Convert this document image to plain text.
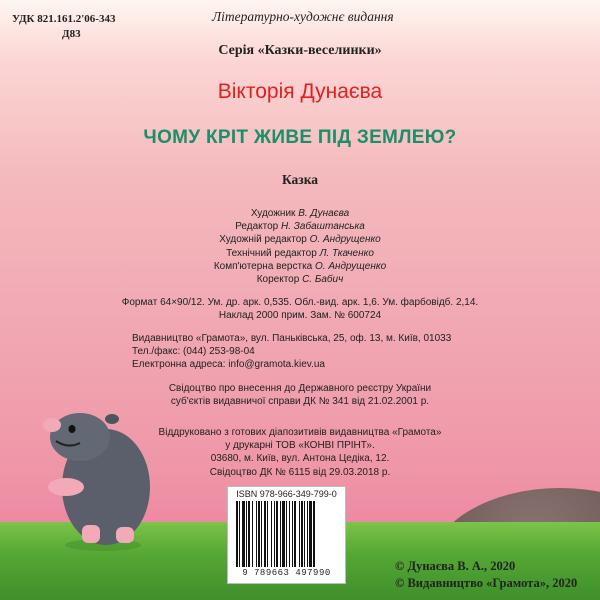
УДК 821.161.2'06-343
Д83
Літературно-художнє видання
Серія «Казки-веселинки»
Вікторія Дунаєва
ЧОМУ КРІТ ЖИВЕ ПІД ЗЕМЛЕЮ?
Казка
Художник В. Дунаєва
Редактор Н. Забаштанська
Художній редактор О. Андрущенко
Технічний редактор Л. Ткаченко
Комп'ютерна верстка О. Андрущенко
Коректор С. Бабич
Формат 64×90/12. Ум. др. арк. 0,535. Обл.-вид. арк. 1,6. Ум. фарбовідб. 2,14.
Наклад 2000 прим. Зам. № 600724
Видавництво «Грамота», вул. Паньківська, 25, оф. 13, м. Київ, 01033
Тел./факс: (044) 253-98-04
Електронна адреса: info@gramota.kiev.ua
Свідоцтво про внесення до Державного реєстру України
суб'єктів видавничої справи ДК № 341 від 21.02.2001 р.
Віддруковано з готових діапозитивів видавництва «Грамота»
у друкарні ТОВ «КОНВІ ПРІНТ».
03680, м. Київ, вул. Антона Цедіка, 12.
Свідоцтво ДК № 6115 від 29.03.2018 р.
ISBN 978-966-349-799-0
9 789663 497990	© Дунаєва В. А., 2020
© Видавництво «Грамота», 2020
